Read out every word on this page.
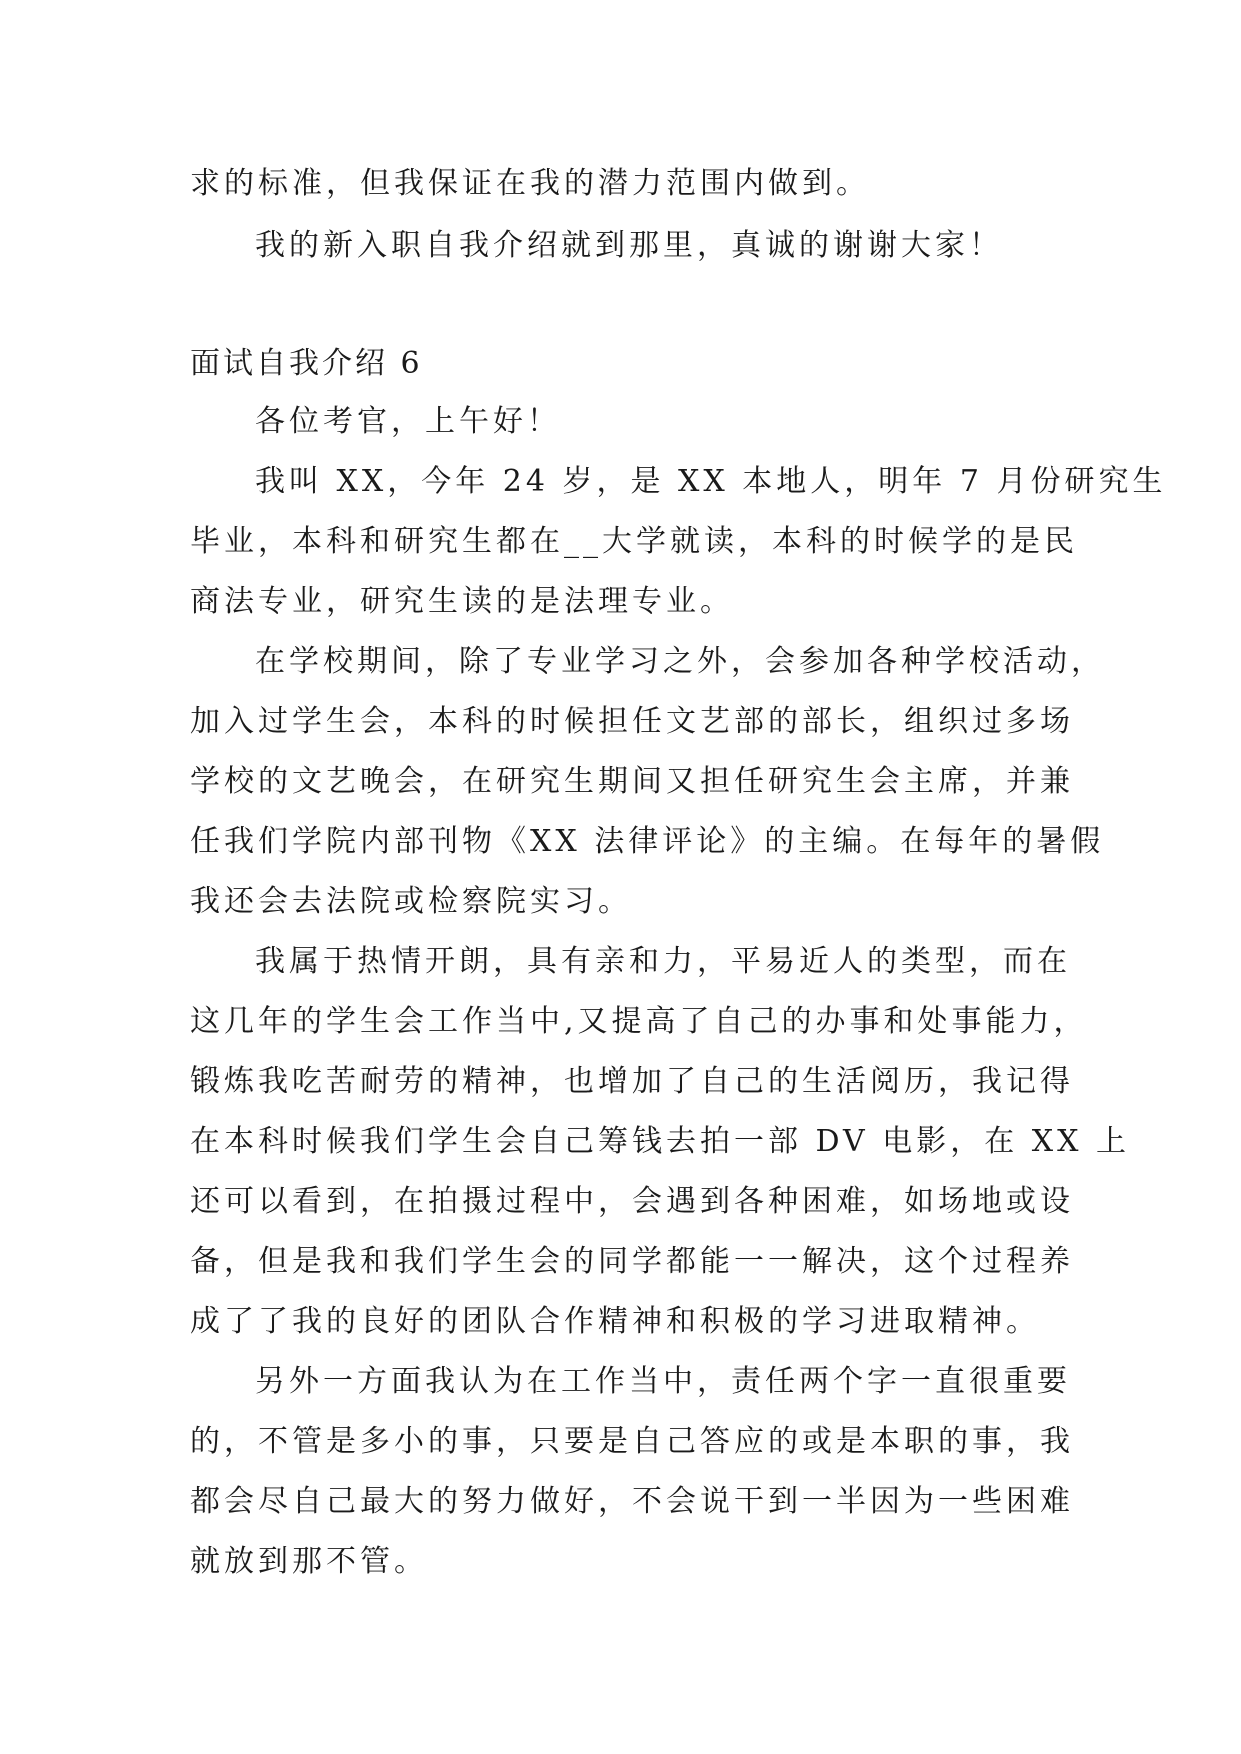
求的标准，但我保证在我的潜力范围内做到。
我的新入职自我介绍就到那里，真诚的谢谢大家！
面试自我介绍 6
各位考官，上午好！
我叫 XX，今年 24 岁，是 XX 本地人，明年 7 月份研究生
毕业，本科和研究生都在__大学就读，本科的时候学的是民
商法专业，研究生读的是法理专业。
在学校期间，除了专业学习之外，会参加各种学校活动，
加入过学生会，本科的时候担任文艺部的部长，组织过多场
学校的文艺晚会，在研究生期间又担任研究生会主席，并兼
任我们学院内部刊物《XX 法律评论》的主编。在每年的暑假
我还会去法院或检察院实习。
我属于热情开朗，具有亲和力，平易近人的类型，而在
这几年的学生会工作当中,又提高了自己的办事和处事能力，
锻炼我吃苦耐劳的精神，也增加了自己的生活阅历，我记得
在本科时候我们学生会自己筹钱去拍一部 DV 电影，在 XX 上
还可以看到，在拍摄过程中，会遇到各种困难，如场地或设
备，但是我和我们学生会的同学都能一一解决，这个过程养
成了了我的良好的团队合作精神和积极的学习进取精神。
另外一方面我认为在工作当中，责任两个字一直很重要
的，不管是多小的事，只要是自己答应的或是本职的事，我
都会尽自己最大的努力做好，不会说干到一半因为一些困难
就放到那不管。
